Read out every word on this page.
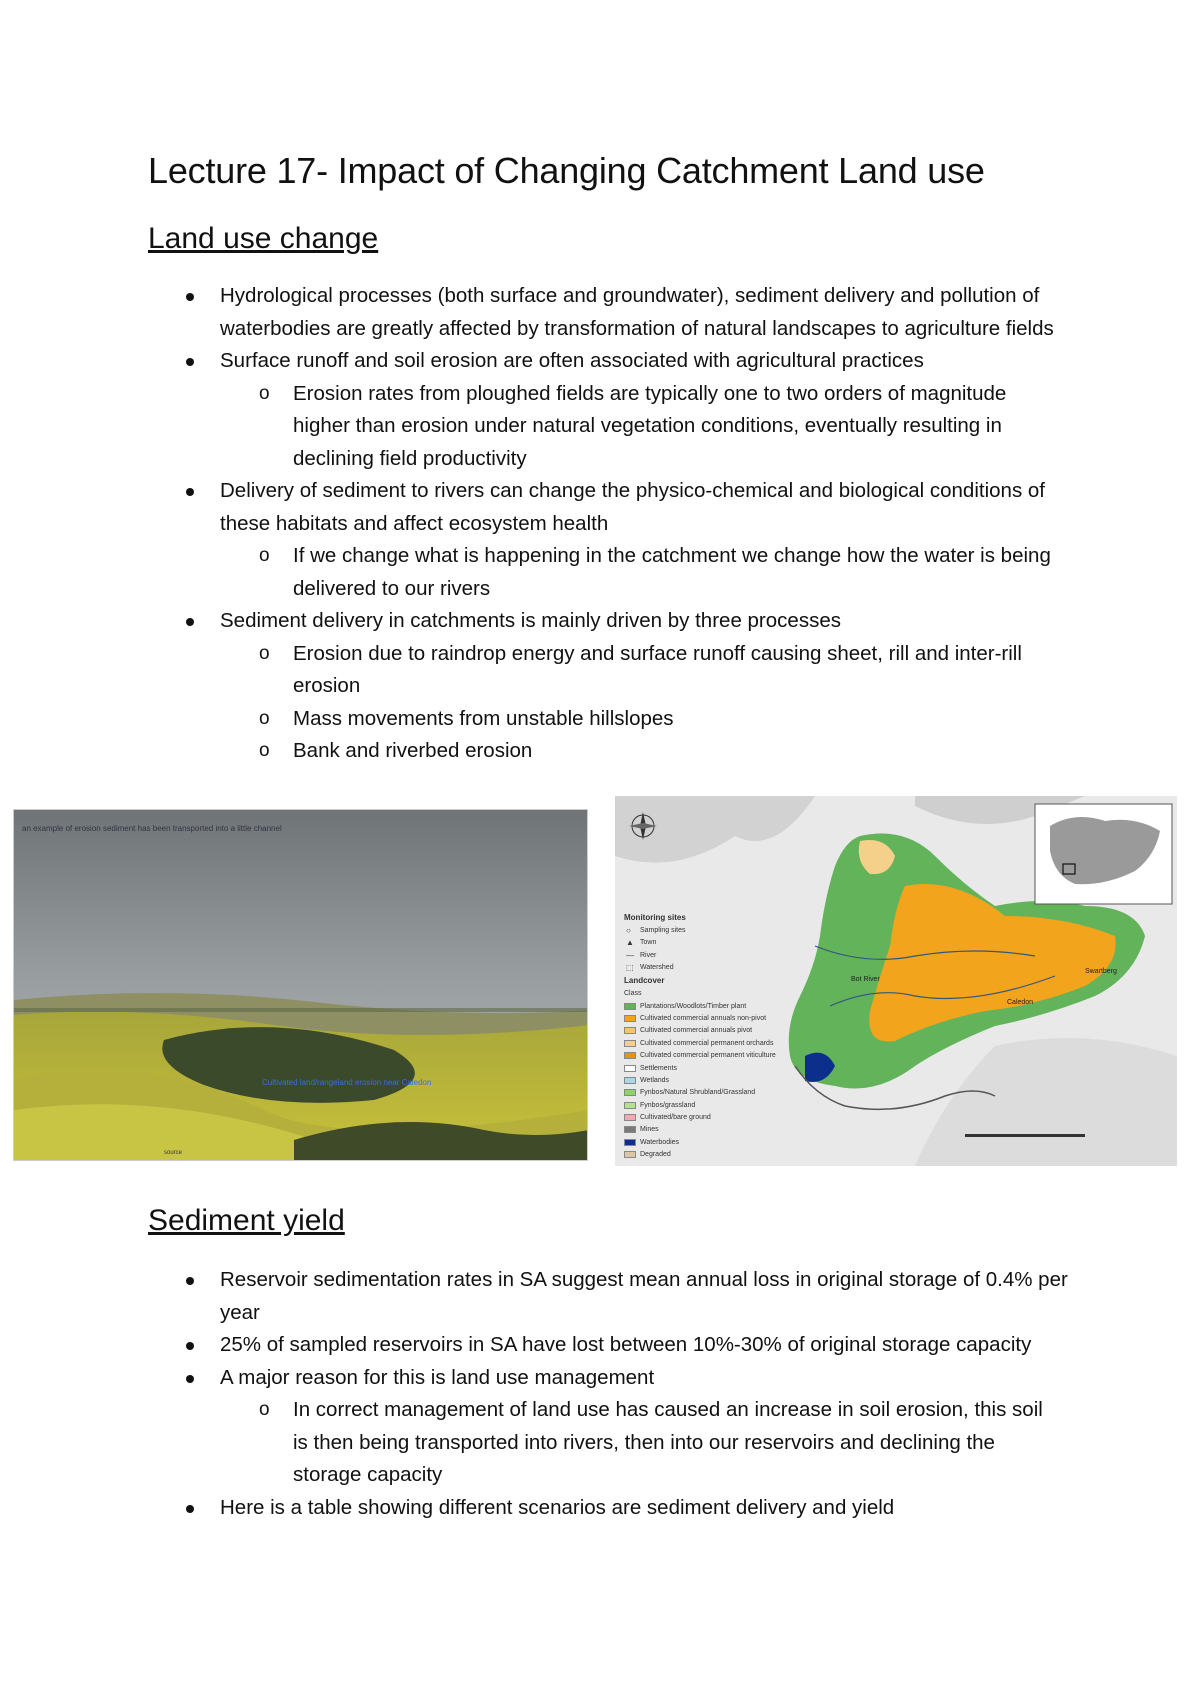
Lecture 17- Impact of Changing Catchment Land use
Land use change
Hydrological processes (both surface and groundwater), sediment delivery and pollution of waterbodies are greatly affected by transformation of natural landscapes to agriculture fields
Surface runoff and soil erosion are often associated with agricultural practices
o Erosion rates from ploughed fields are typically one to two orders of magnitude higher than erosion under natural vegetation conditions, eventually resulting in declining field productivity
Delivery of sediment to rivers can change the physico-chemical and biological conditions of these habitats and affect ecosystem health
o If we change what is happening in the catchment we change how the water is being delivered to our rivers
Sediment delivery in catchments is mainly driven by three processes
o Erosion due to raindrop energy and surface runoff causing sheet, rill and inter-rill erosion
o Mass movements from unstable hillslopes
o Bank and riverbed erosion
an example of erosion sediment has been transported into a little channel
Cultivated land/rangeland erosion near Caledon
source
Monitoring sites
○ Sampling sites
▲ Town
— River
⬚ Watershed
Landcover
Class
Plantations/Woodlots/Timber plant
Cultivated commercial annuals non-pivot
Cultivated commercial annuals pivot
Cultivated commercial permanent orchards
Cultivated commercial permanent viticulture
Settlements
Wetlands
Fynbos/Natural Shrubland/Grassland
Fynbos/grassland
Cultivated/bare ground
Mines
Waterbodies
Degraded
Caledon
Bot River
Swartberg
Sediment yield
Reservoir sedimentation rates in SA suggest mean annual loss in original storage of 0.4% per year
25% of sampled reservoirs in SA have lost between 10%-30% of original storage capacity
A major reason for this is land use management
o In correct management of land use has caused an increase in soil erosion, this soil is then being transported into rivers, then into our reservoirs and declining the storage capacity
Here is a table showing different scenarios are sediment delivery and yield
